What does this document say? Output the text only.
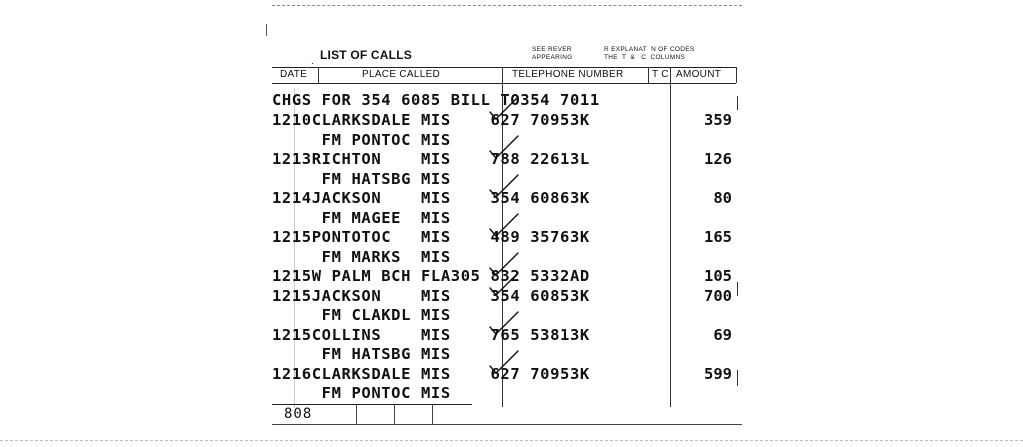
. LIST OF CALLS	SEE REVER
APPEARING
R EXPLANAT  N OF CODES
THE  T  &   C  COLUMNS
DATE	PLACE CALLED	TELEPHONE NUMBER	T C AMOUNT
CHGS FOR 354 6085 BILL TO354 7011
1210CLARKSDALE MIS    627 70953K	359
FM PONTOC MIS
1213RICHTON    MIS    788 22613L	126
FM HATSBG MIS
1214JACKSON    MIS    354 60863K	80
FM MAGEE  MIS
1215PONTOTOC   MIS    489 35763K	165
FM MARKS  MIS
1215W PALM BCH FLA305 832 5332AD	105
1215JACKSON    MIS    354 60853K	700
FM CLAKDL MIS
1215COLLINS    MIS    765 53813K	69
FM HATSBG MIS
1216CLARKSDALE MIS    627 70953K	599
FM PONTOC MIS
808
